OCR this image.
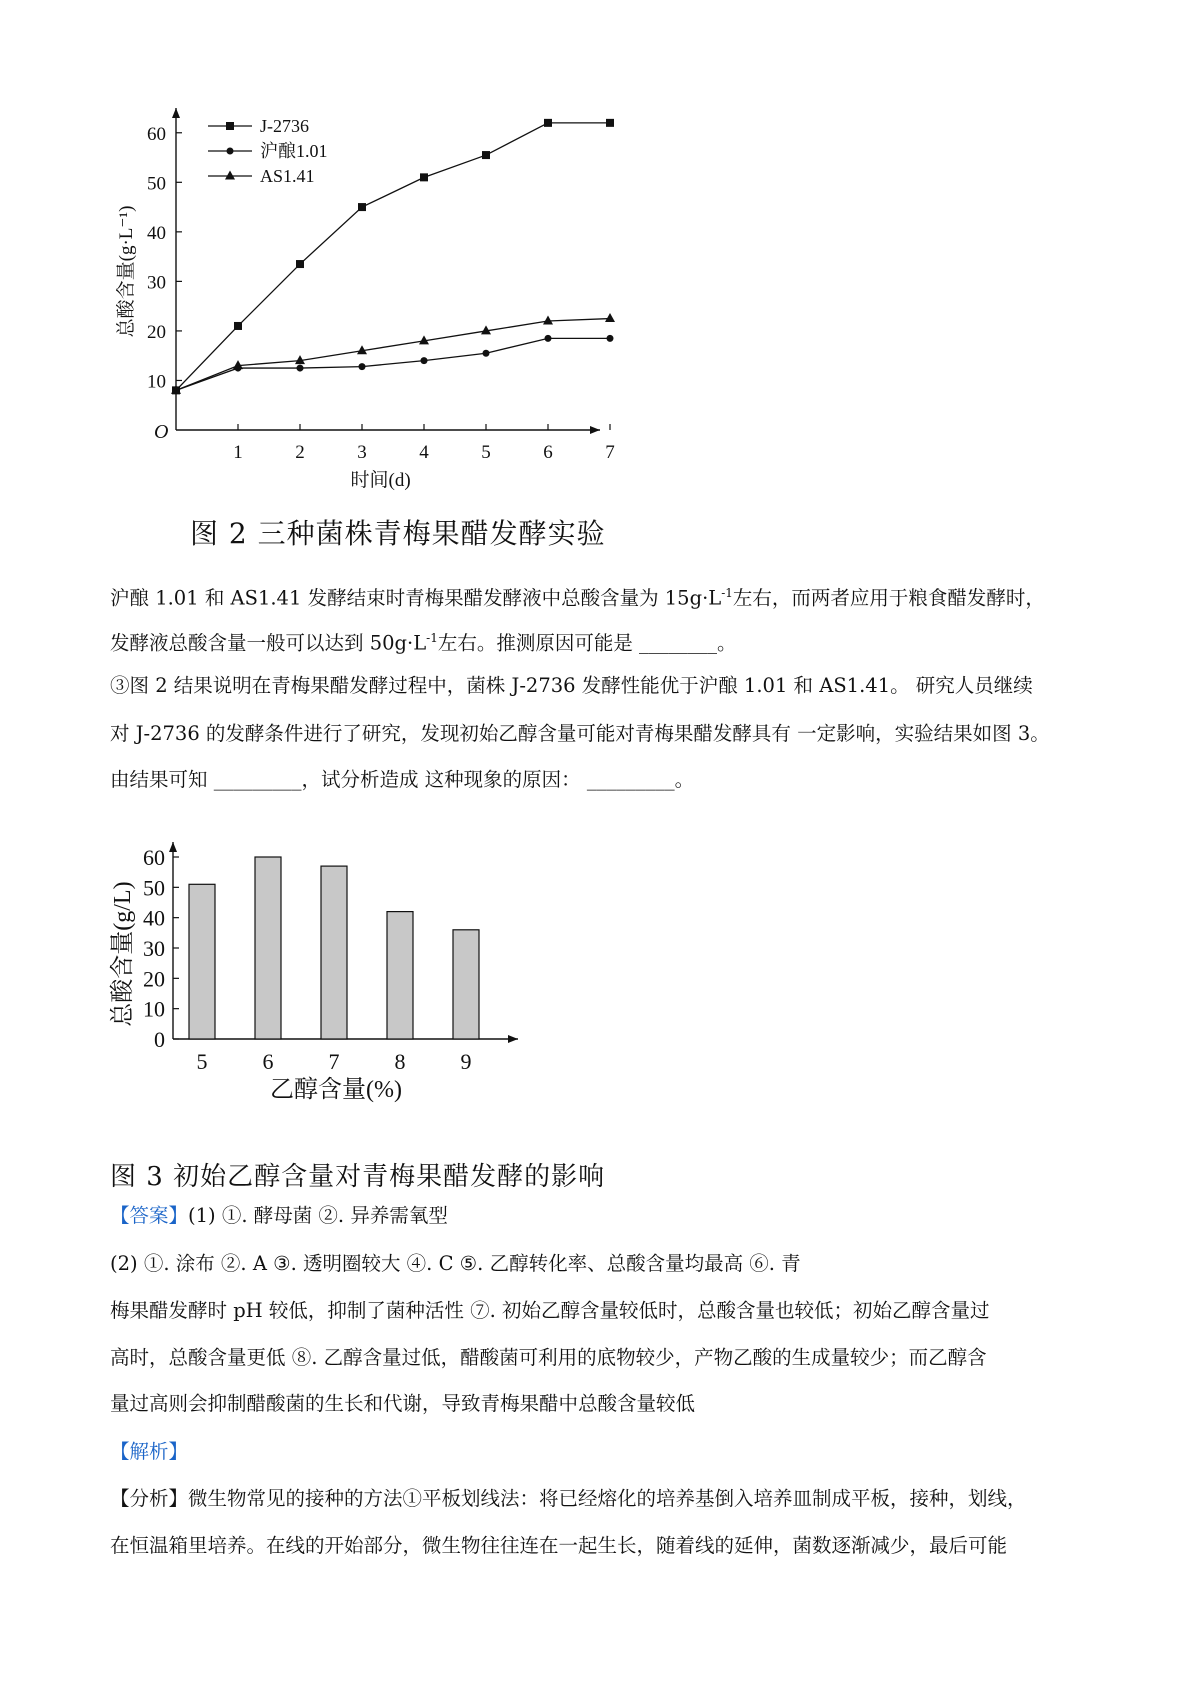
O
1	2	3	4	5	6	7
10
20
30
40
50
60
时间(d)
总酸含量(g·L⁻¹)
J-2736
沪酿1.01
AS1.41
图 2 三种菌株青梅果醋发酵实验
沪酿 1.01 和 AS1.41 发酵结束时青梅果醋发酵液中总酸含量为 $15g\cdot L^{-1}$左右，而两者应用于粮食醋发酵时，
发酵液总酸含量一般可以达到 $50g\cdot L^{-1}$左右。推测原因可能是 ________。
③图 2 结果说明在青梅果醋发酵过程中，菌株 J-2736 发酵性能优于沪酿 1.01 和 AS1.41。 研究人员继续
对 J-2736 的发酵条件进行了研究，发现初始乙醇含量可能对青梅果醋发酵具有 一定影响，实验结果如图 3。
由结果可知 _________，试分析造成 这种现象的原因： _________。
0
10
20
30
40
50
60
5	6	7	8	9
乙醇含量(%)
总酸含量(g/L)
图 3 初始乙醇含量对青梅果醋发酵的影响
【答案】(1) ①. 酵母菌 ②. 异养需氧型
(2) ①. 涂布 ②. A ③. 透明圈较大 ④. C ⑤. 乙醇转化率、总酸含量均最高 ⑥. 青
梅果醋发酵时 pH 较低，抑制了菌种活性 ⑦. 初始乙醇含量较低时，总酸含量也较低；初始乙醇含量过
高时，总酸含量更低 ⑧. 乙醇含量过低，醋酸菌可利用的底物较少，产物乙酸的生成量较少；而乙醇含
量过高则会抑制醋酸菌的生长和代谢，导致青梅果醋中总酸含量较低
【解析】
【分析】微生物常见的接种的方法①平板划线法：将已经熔化的培养基倒入培养皿制成平板，接种，划线，
在恒温箱里培养。在线的开始部分，微生物往往连在一起生长，随着线的延伸，菌数逐渐减少，最后可能
